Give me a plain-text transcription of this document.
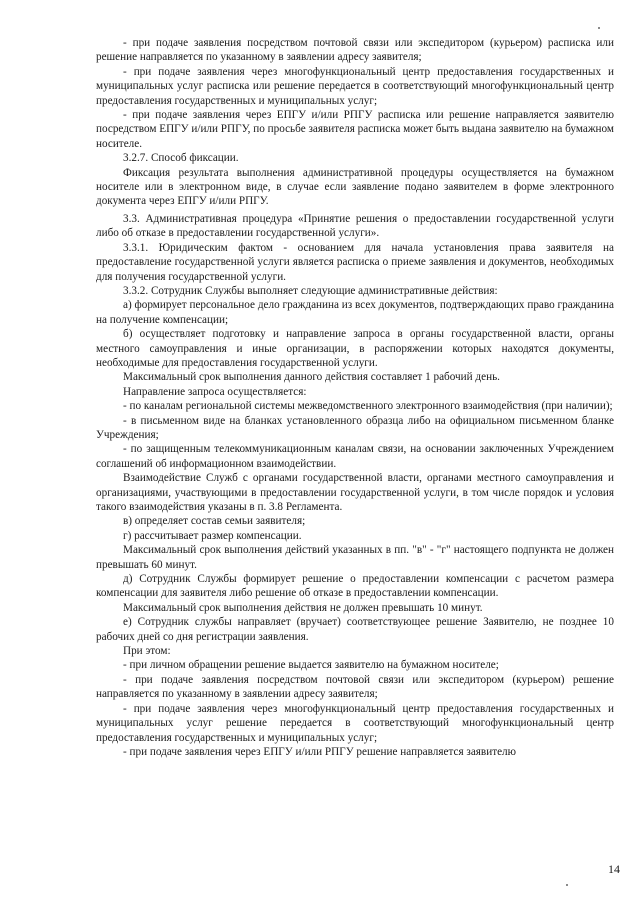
- при подаче заявления посредством почтовой связи или экспедитором (курьером) расписка или решение направляется по указанному в заявлении адресу заявителя;

- при подаче заявления через многофункциональный центр предоставления государственных и муниципальных услуг расписка или решение передается в соответствующий многофункциональный центр предоставления государственных и муниципальных услуг;

- при подаче заявления через ЕПГУ и/или РПГУ расписка или решение направляется заявителю посредством ЕПГУ и/или РПГУ, по просьбе заявителя расписка может быть выдана заявителю на бумажном носителе.

3.2.7. Способ фиксации.

Фиксация результата выполнения административной процедуры осуществляется на бумажном носителе или в электронном виде, в случае если заявление подано заявителем в форме электронного документа через ЕПГУ и/или РПГУ.

3.3. Административная процедура «Принятие решения о предоставлении государственной услуги либо об отказе в предоставлении государственной услуги».

3.3.1. Юридическим фактом - основанием для начала установления права заявителя на предоставление государственной услуги является расписка о приеме заявления и документов, необходимых для получения государственной услуги.

3.3.2. Сотрудник Службы выполняет следующие административные действия:

а) формирует персональное дело гражданина из всех документов, подтверждающих право гражданина на получение компенсации;

б) осуществляет подготовку и направление запроса в органы государственной власти, органы местного самоуправления и иные организации, в распоряжении которых находятся документы, необходимые для предоставления государственной услуги.

Максимальный срок выполнения данного действия составляет 1 рабочий день.

Направление запроса осуществляется:

- по каналам региональной системы межведомственного электронного взаимодействия (при наличии);

- в письменном виде на бланках установленного образца либо на официальном письменном бланке Учреждения;

- по защищенным телекоммуникационным каналам связи, на основании заключенных Учреждением соглашений об информационном взаимодействии.

Взаимодействие Служб с органами государственной власти, органами местного самоуправления и организациями, участвующими в предоставлении государственной услуги, в том числе порядок и условия такого взаимодействия указаны в п. 3.8 Регламента.

в) определяет состав семьи заявителя;

г) рассчитывает размер компенсации.

Максимальный срок выполнения действий указанных в пп. "в" - "г" настоящего подпункта не должен превышать 60 минут.

д) Сотрудник Службы формирует решение о предоставлении компенсации с расчетом размера компенсации для заявителя либо решение об отказе в предоставлении компенсации.

Максимальный срок выполнения действия не должен превышать 10 минут.

е) Сотрудник службы направляет (вручает) соответствующее решение Заявителю, не позднее 10 рабочих дней со дня регистрации заявления.

При этом:

- при личном обращении решение выдается заявителю на бумажном носителе;

- при подаче заявления посредством почтовой связи или экспедитором (курьером) решение направляется по указанному в заявлении адресу заявителя;

- при подаче заявления через многофункциональный центр предоставления государственных и муниципальных услуг решение передается в соответствующий многофункциональный центр предоставления государственных и муниципальных услуг;

- при подаче заявления через ЕПГУ и/или РПГУ решение направляется заявителю

14
